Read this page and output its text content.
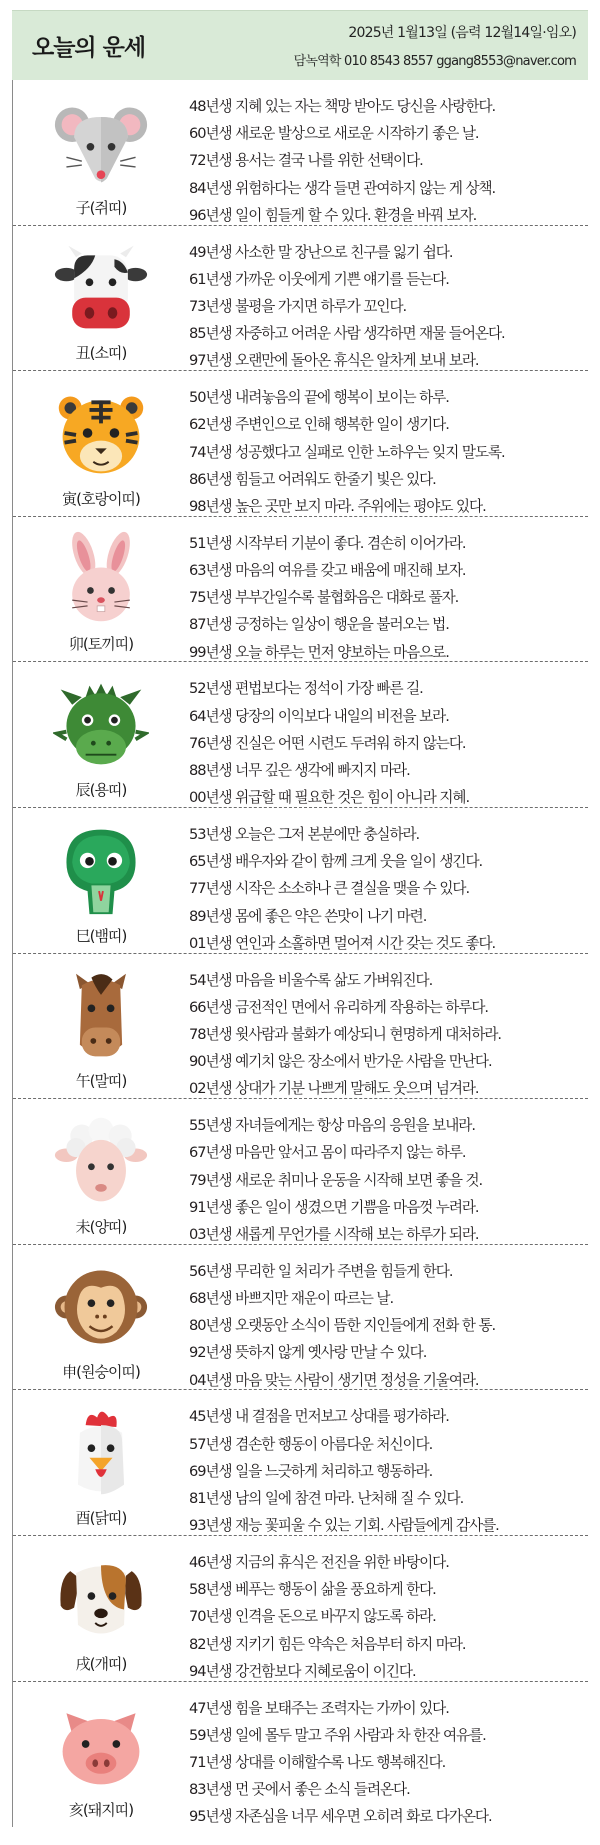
오늘의 운세
2025년 1월13일 (음력 12월14일·임오)
담녹역학 010 8543 8557 ggang8553@naver.com
子(쥐띠)
48년생 지혜 있는 자는 책망 받아도 당신을 사랑한다.
60년생 새로운 발상으로 새로운 시작하기 좋은 날.
72년생 용서는 결국 나를 위한 선택이다.
84년생 위험하다는 생각 들면 관여하지 않는 게 상책.
96년생 일이 힘들게 할 수 있다. 환경을 바꿔 보자.
丑(소띠)
49년생 사소한 말 장난으로 친구를 잃기 쉽다.
61년생 가까운 이웃에게 기쁜 얘기를 듣는다.
73년생 불평을 가지면 하루가 꼬인다.
85년생 자중하고 어려운 사람 생각하면 재물 들어온다.
97년생 오랜만에 돌아온 휴식은 알차게 보내 보라.
寅(호랑이띠)
50년생 내려놓음의 끝에 행복이 보이는 하루.
62년생 주변인으로 인해 행복한 일이 생기다.
74년생 성공했다고 실패로 인한 노하우는 잊지 말도록.
86년생 힘들고 어려워도 한줄기 빛은 있다.
98년생 높은 곳만 보지 마라. 주위에는 평야도 있다.
卯(토끼띠)
51년생 시작부터 기분이 좋다. 겸손히 이어가라.
63년생 마음의 여유를 갖고 배움에 매진해 보자.
75년생 부부간일수록 불협화음은 대화로 풀자.
87년생 긍정하는 일상이 행운을 불러오는 법.
99년생 오늘 하루는 먼저 양보하는 마음으로.
辰(용띠)
52년생 편법보다는 정석이 가장 빠른 길.
64년생 당장의 이익보다 내일의 비전을 보라.
76년생 진실은 어떤 시련도 두려워 하지 않는다.
88년생 너무 깊은 생각에 빠지지 마라.
00년생 위급할 때 필요한 것은 힘이 아니라 지혜.
巳(뱀띠)
53년생 오늘은 그저 본분에만 충실하라.
65년생 배우자와 같이 함께 크게 웃을 일이 생긴다.
77년생 시작은 소소하나 큰 결실을 맺을 수 있다.
89년생 몸에 좋은 약은 쓴맛이 나기 마련.
01년생 연인과 소홀하면 멀어져 시간 갖는 것도 좋다.
午(말띠)
54년생 마음을 비울수록 삶도 가벼워진다.
66년생 금전적인 면에서 유리하게 작용하는 하루다.
78년생 윗사람과 불화가 예상되니 현명하게 대처하라.
90년생 예기치 않은 장소에서 반가운 사람을 만난다.
02년생 상대가 기분 나쁘게 말해도 웃으며 넘겨라.
未(양띠)
55년생 자녀들에게는 항상 마음의 응원을 보내라.
67년생 마음만 앞서고 몸이 따라주지 않는 하루.
79년생 새로운 취미나 운동을 시작해 보면 좋을 것.
91년생 좋은 일이 생겼으면 기쁨을 마음껏 누려라.
03년생 새롭게 무언가를 시작해 보는 하루가 되라.
申(원숭이띠)
56년생 무리한 일 처리가 주변을 힘들게 한다.
68년생 바쁘지만 재운이 따르는 날.
80년생 오랫동안 소식이 뜸한 지인들에게 전화 한 통.
92년생 뜻하지 않게 옛사랑 만날 수 있다.
04년생 마음 맞는 사람이 생기면 정성을 기울여라.
酉(닭띠)
45년생 내 결점을 먼저보고 상대를 평가하라.
57년생 겸손한 행동이 아름다운 처신이다.
69년생 일을 느긋하게 처리하고 행동하라.
81년생 남의 일에 참견 마라. 난처해 질 수 있다.
93년생 재능 꽃피울 수 있는 기회. 사람들에게 감사를.
戌(개띠)
46년생 지금의 휴식은 전진을 위한 바탕이다.
58년생 베푸는 행동이 삶을 풍요하게 한다.
70년생 인격을 돈으로 바꾸지 않도록 하라.
82년생 지키기 힘든 약속은 처음부터 하지 마라.
94년생 강건함보다 지혜로움이 이긴다.
亥(돼지띠)
47년생 힘을 보태주는 조력자는 가까이 있다.
59년생 일에 몰두 말고 주위 사람과 차 한잔 여유를.
71년생 상대를 이해할수록 나도 행복해진다.
83년생 먼 곳에서 좋은 소식 들려온다.
95년생 자존심을 너무 세우면 오히려 화로 다가온다.
